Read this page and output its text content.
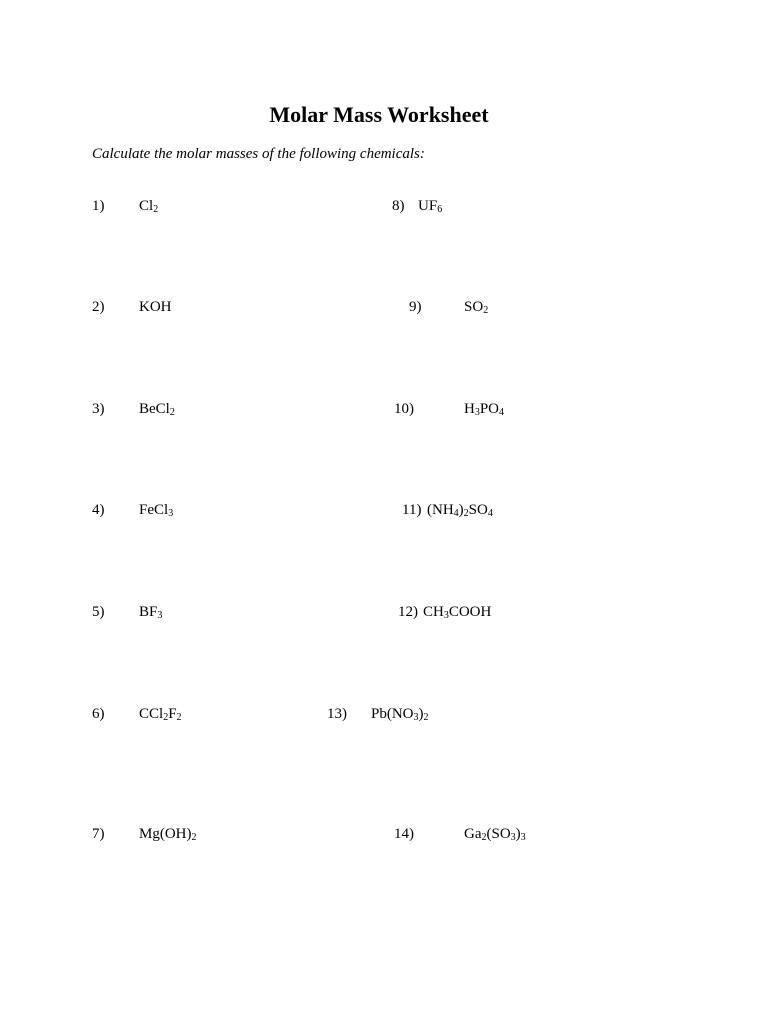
Molar Mass Worksheet

Calculate the molar masses of the following chemicals:

1) $Cl_2$
2) KOH
3) BeCl$_2$
4) FeCl$_3$
5) $BF_3$
6) $CCl_2F_2$
7) $Mg(OH)_2$
8) $UF_6$
9)	$SO_2$
10)	$H_3PO_4$
11) $(NH_4)_2SO_4$
12) $CH_3COOH$
13) $Pb(NO_3)_2$
14)	$Ga_2(SO_3)_3$
